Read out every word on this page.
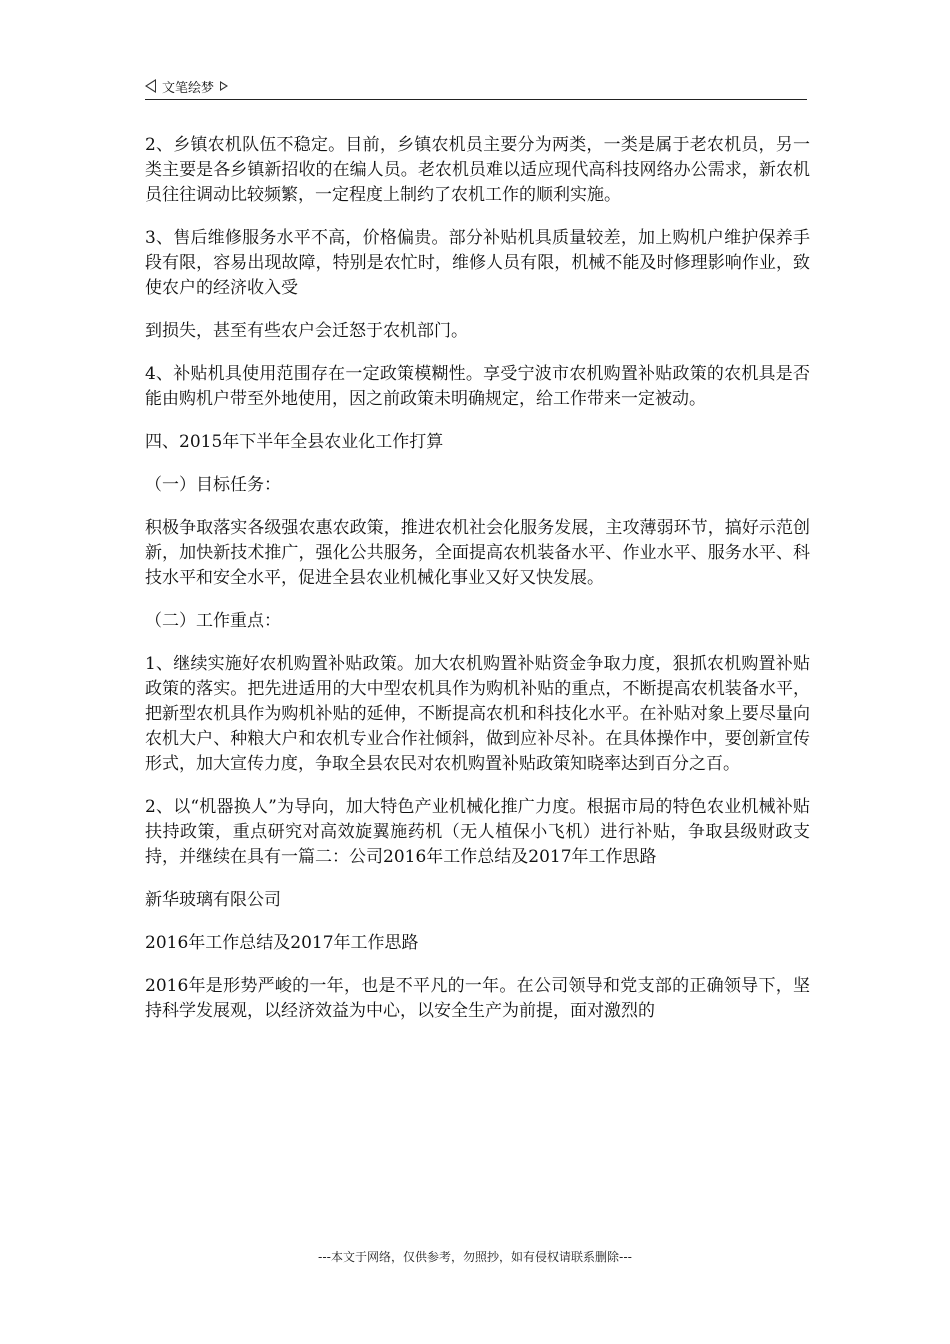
文笔绘梦

2、乡镇农机队伍不稳定。目前，乡镇农机员主要分为两类，一类是属于老农机员，另一类主要是各乡镇新招收的在编人员。老农机员难以适应现代高科技网络办公需求，新农机员往往调动比较频繁，一定程度上制约了农机工作的顺利实施。

3、售后维修服务水平不高，价格偏贵。部分补贴机具质量较差，加上购机户维护保养手段有限，容易出现故障，特别是农忙时，维修人员有限，机械不能及时修理影响作业，致使农户的经济收入受

到损失，甚至有些农户会迁怒于农机部门。

4、补贴机具使用范围存在一定政策模糊性。享受宁波市农机购置补贴政策的农机具是否能由购机户带至外地使用，因之前政策未明确规定，给工作带来一定被动。

四、2015年下半年全县农业化工作打算

（一）目标任务：

积极争取落实各级强农惠农政策，推进农机社会化服务发展，主攻薄弱环节，搞好示范创新，加快新技术推广，强化公共服务，全面提高农机装备水平、作业水平、服务水平、科技水平和安全水平，促进全县农业机械化事业又好又快发展。

（二）工作重点：

1、继续实施好农机购置补贴政策。加大农机购置补贴资金争取力度，狠抓农机购置补贴政策的落实。把先进适用的大中型农机具作为购机补贴的重点，不断提高农机装备水平，把新型农机具作为购机补贴的延伸，不断提高农机和科技化水平。在补贴对象上要尽量向农机大户、种粮大户和农机专业合作社倾斜，做到应补尽补。在具体操作中，要创新宣传形式，加大宣传力度，争取全县农民对农机购置补贴政策知晓率达到百分之百。

2、以“机器换人”为导向，加大特色产业机械化推广力度。根据市局的特色农业机械补贴扶持政策，重点研究对高效旋翼施药机（无人植保小飞机）进行补贴，争取县级财政支持，并继续在具有一篇二：公司2016年工作总结及2017年工作思路

新华玻璃有限公司

2016年工作总结及2017年工作思路

2016年是形势严峻的一年，也是不平凡的一年。在公司领导和党支部的正确领导下，坚持科学发展观，以经济效益为中心，以安全生产为前提，面对激烈的

---本文于网络，仅供参考，勿照抄，如有侵权请联系删除---
